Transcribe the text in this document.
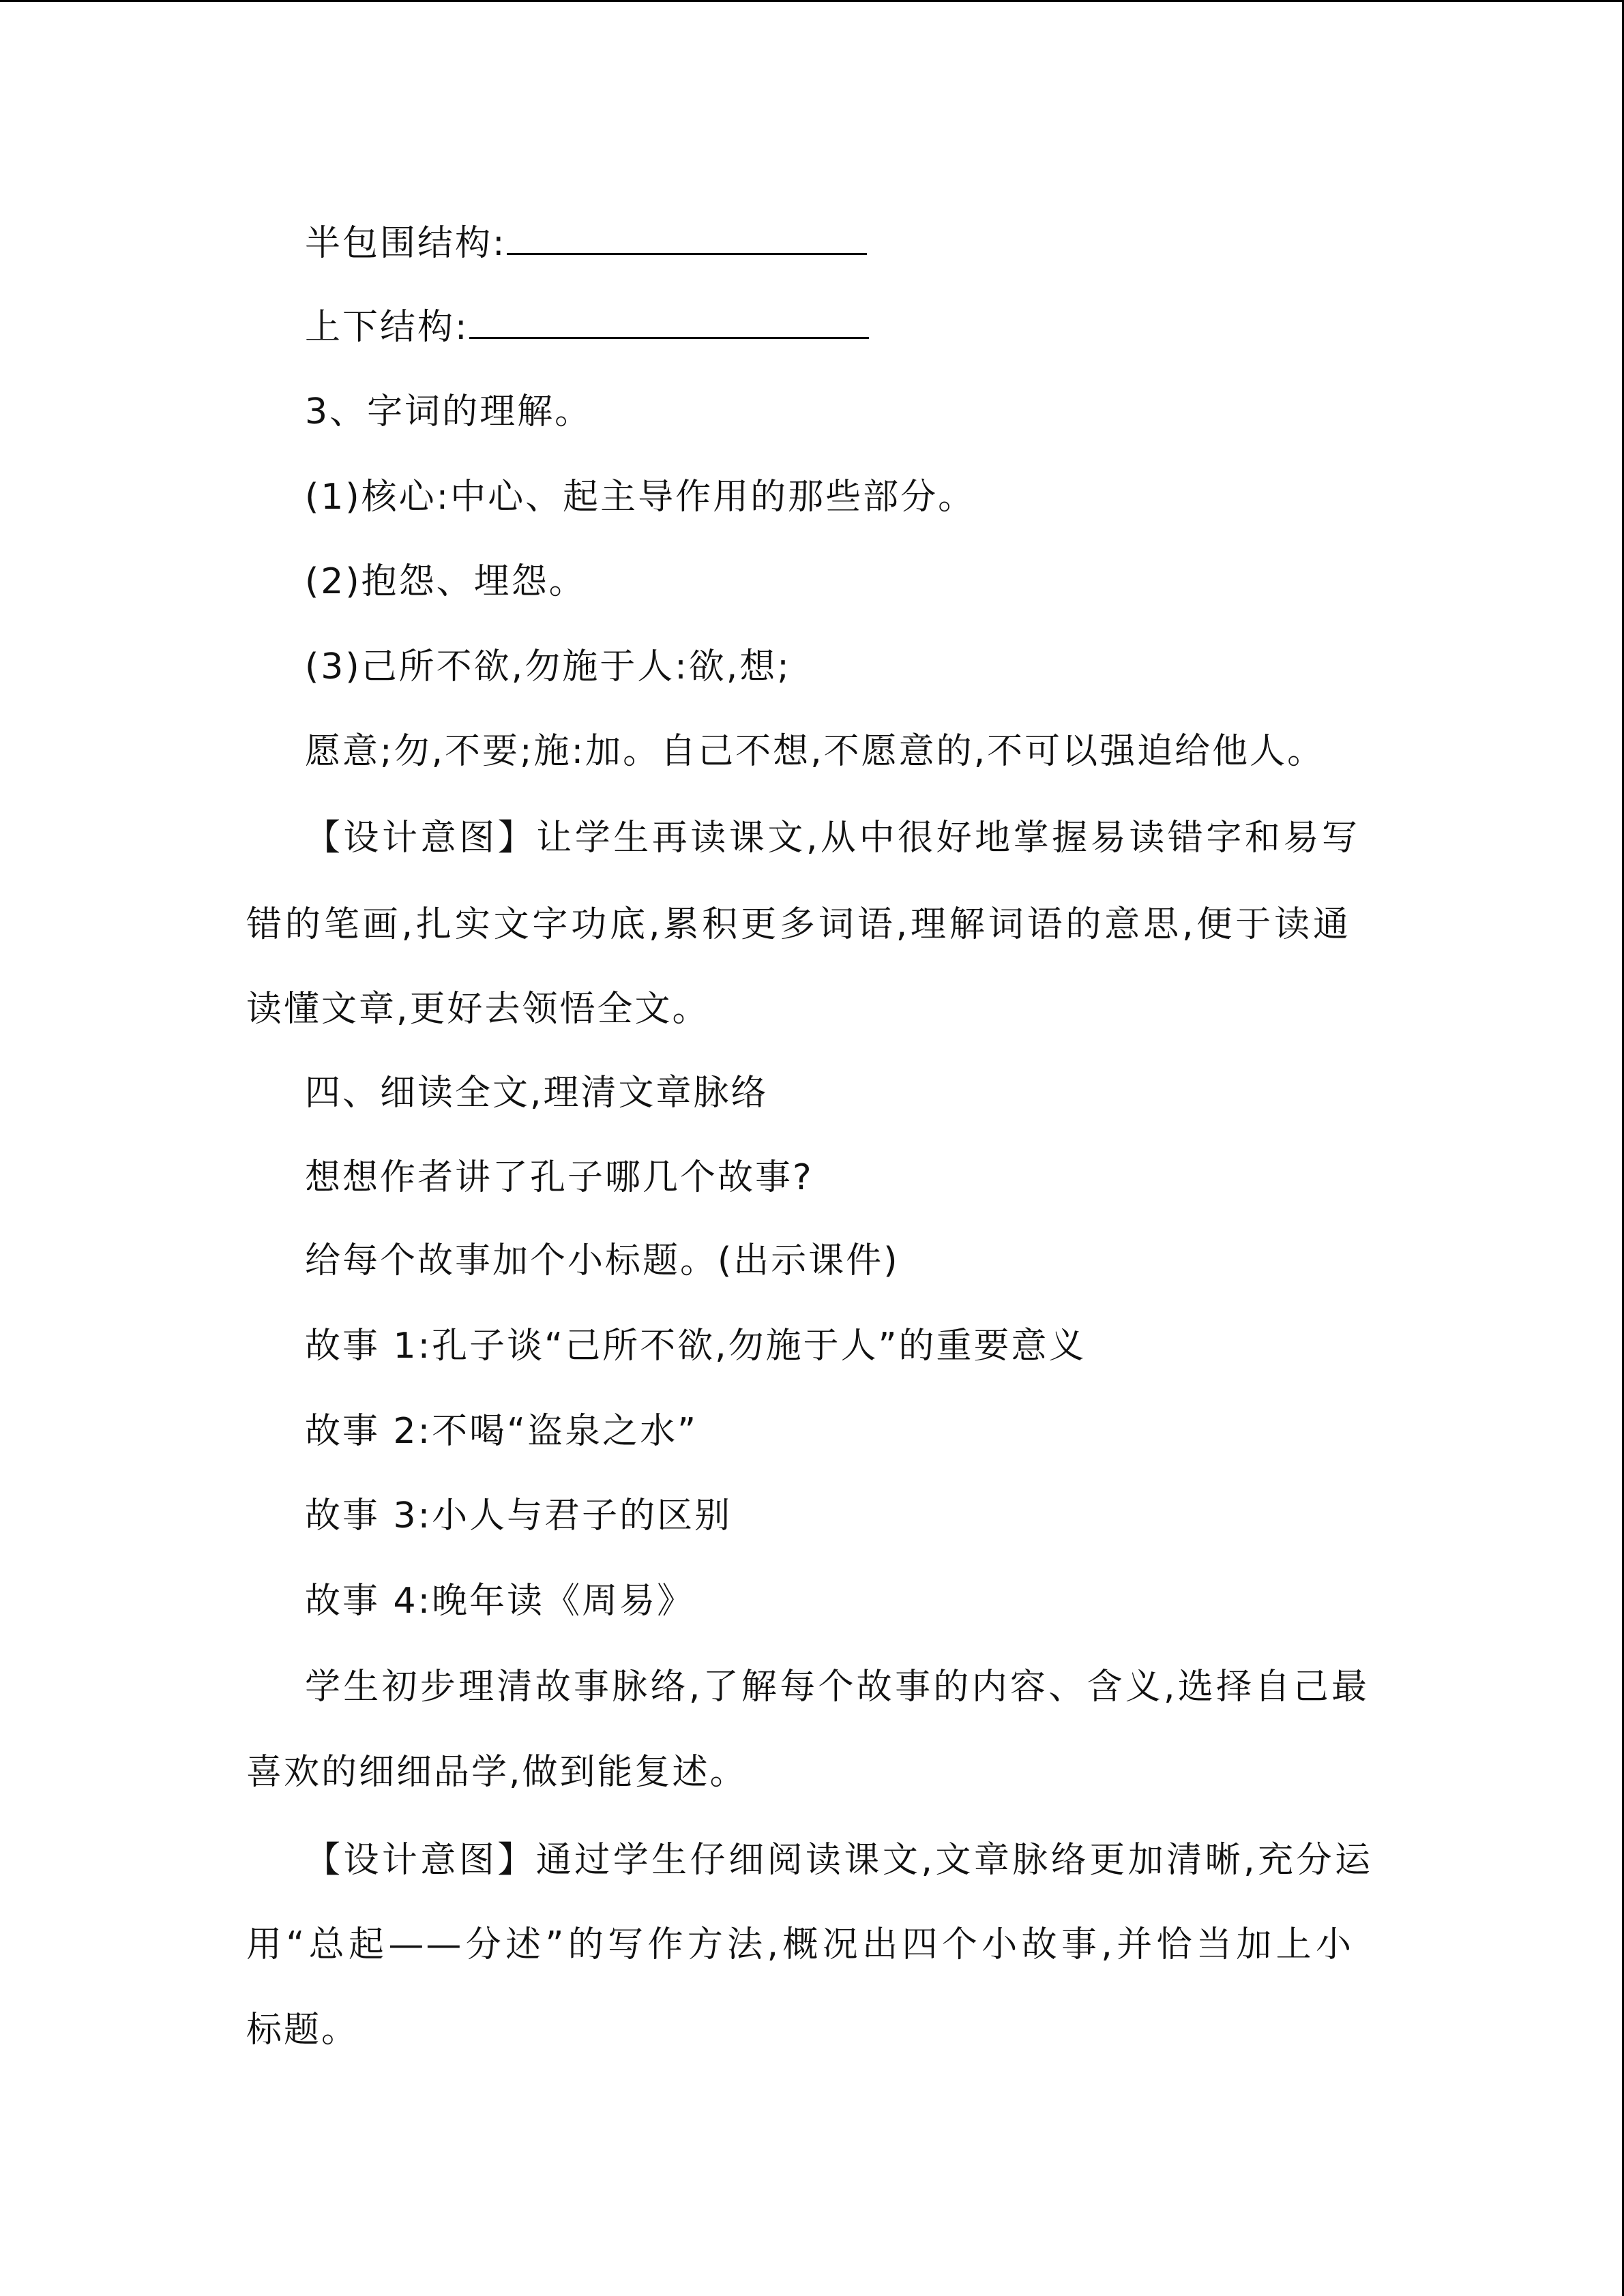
半包围结构:
上下结构:
3、字词的理解。
(1)核心:中心、起主导作用的那些部分。
(2)抱怨、埋怨。
(3)己所不欲,勿施于人:欲,想;
愿意;勿,不要;施:加。自己不想,不愿意的,不可以强迫给他人。
【设计意图】让学生再读课文,从中很好地掌握易读错字和易写
错的笔画,扎实文字功底,累积更多词语,理解词语的意思,便于读通
读懂文章,更好去领悟全文。
四、细读全文,理清文章脉络
想想作者讲了孔子哪几个故事?
给每个故事加个小标题。(出示课件)
故事 1:孔子谈“己所不欲,勿施于人”的重要意义
故事 2:不喝“盗泉之水”
故事 3:小人与君子的区别
故事 4:晚年读《周易》
学生初步理清故事脉络,了解每个故事的内容、含义,选择自己最
喜欢的细细品学,做到能复述。
【设计意图】通过学生仔细阅读课文,文章脉络更加清晰,充分运
用“总起——分述”的写作方法,概况出四个小故事,并恰当加上小
标题。
